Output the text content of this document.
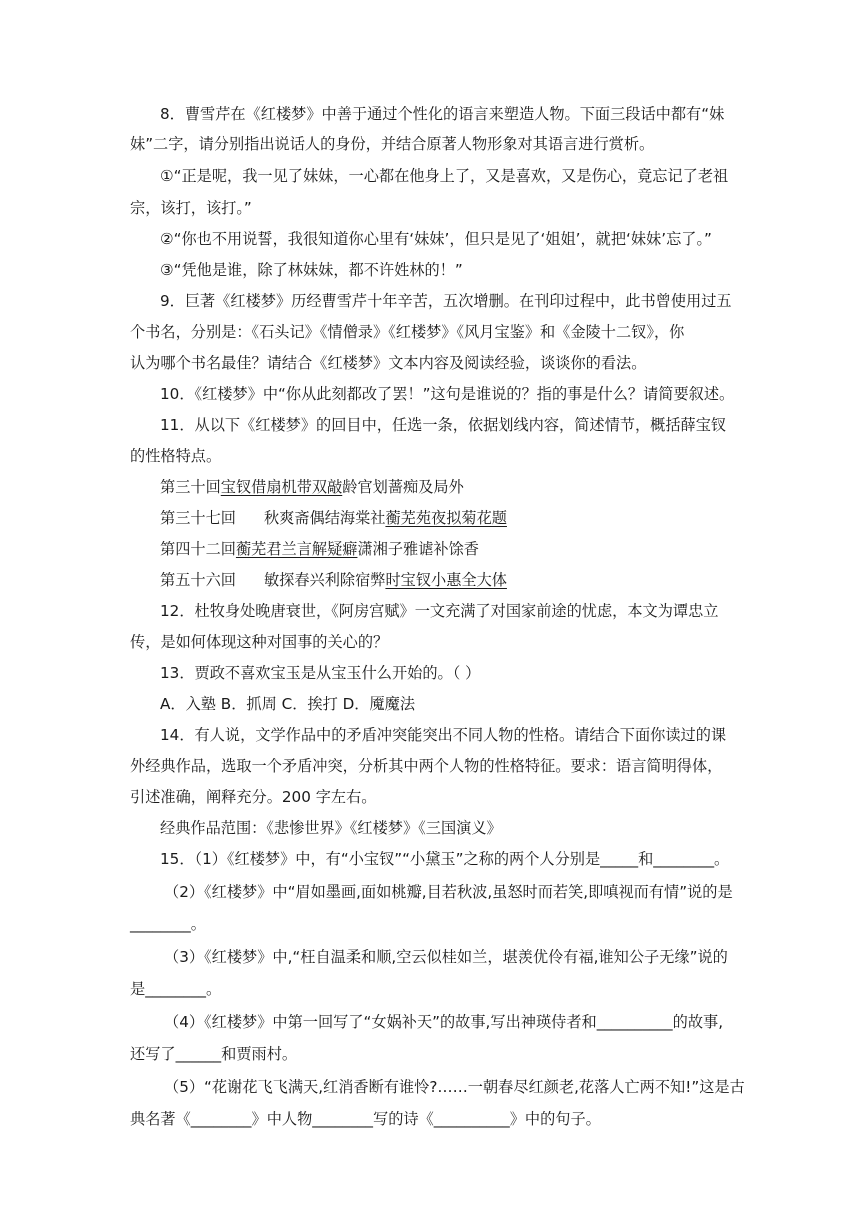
8．曹雪芹在《红楼梦》中善于通过个性化的语言来塑造人物。下面三段话中都有“妹
妹”二字，请分别指出说话人的身份，并结合原著人物形象对其语言进行赏析。
①“正是呢，我一见了妹妹，一心都在他身上了，又是喜欢，又是伤心，竟忘记了老祖
宗，该打，该打。”
②“你也不用说誓，我很知道你心里有‘妹妹’，但只是见了‘姐姐’，就把‘妹妹’忘了。”
③“凭他是谁，除了林妹妹，都不许姓林的！”
9．巨著《红楼梦》历经曹雪芹十年辛苦，五次增删。在刊印过程中，此书曾使用过五
个书名，分别是：《石头记》《情僧录》《红楼梦》《风月宝鉴》和《金陵十二钗》，你
认为哪个书名最佳？请结合《红楼梦》文本内容及阅读经验，谈谈你的看法。
10．《红楼梦》中“你从此刻都改了罢！”这句是谁说的？指的事是什么？请简要叙述。
11．从以下《红楼梦》的回目中，任选一条，依据划线内容，简述情节，概括薛宝钗
的性格特点。
第三十回宝钗借扇机带双敲龄官划蔷痴及局外
第三十七回 秋爽斋偶结海棠社蘅芜苑夜拟菊花题
第四十二回蘅芜君兰言解疑癖潇湘子雅谑补馀香
第五十六回 敏探春兴利除宿弊时宝钗小惠全大体
12．杜牧身处晚唐衰世，《阿房宫赋》一文充满了对国家前途的忧虑，本文为谭忠立
传，是如何体现这种对国事的关心的？
13．贾政不喜欢宝玉是从宝玉什么开始的。（ ）
A．入塾 B．抓周 C．挨打 D．魇魔法
14．有人说，文学作品中的矛盾冲突能突出不同人物的性格。请结合下面你读过的课
外经典作品，选取一个矛盾冲突，分析其中两个人物的性格特征。要求：语言简明得体，
引述准确，阐释充分。200 字左右。
经典作品范围：《悲惨世界》《红楼梦》《三国演义》
15．（1）《红楼梦》中，有“小宝钗”“小黛玉”之称的两个人分别是_____和________。
（2）《红楼梦》中“眉如墨画,面如桃瓣,目若秋波,虽怒时而若笑,即嗔视而有情”说的是
________。
（3）《红楼梦》中,“枉自温柔和顺,空云似桂如兰，堪羡优伶有福,谁知公子无缘”说的
是________。
（4）《红楼梦》中第一回写了“女娲补天”的故事,写出神瑛侍者和__________的故事,
还写了______和贾雨村。
（5）“花谢花飞飞满天,红消香断有谁怜?……一朝春尽红颜老,花落人亡两不知!”这是古
典名著《________》中人物________写的诗《__________》中的句子。
